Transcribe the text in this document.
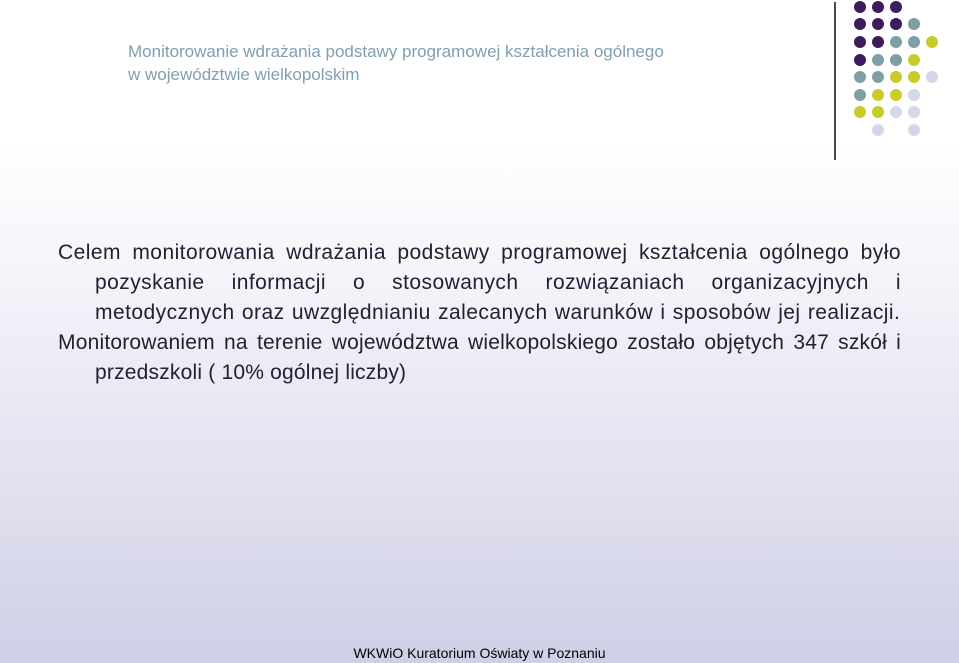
Monitorowanie wdrażania podstawy programowej kształcenia ogólnego
w województwie wielkopolskim
Celem monitorowania wdrażania podstawy programowej kształcenia ogólnego było pozyskanie informacji o stosowanych rozwiązaniach organizacyjnych i metodycznych oraz uwzględnianiu zalecanych warunków i sposobów jej realizacji.
Monitorowaniem na terenie województwa wielkopolskiego zostało objętych 347 szkół i przedszkoli ( 10% ogólnej liczby)
WKWiO Kuratorium Oświaty w Poznaniu
